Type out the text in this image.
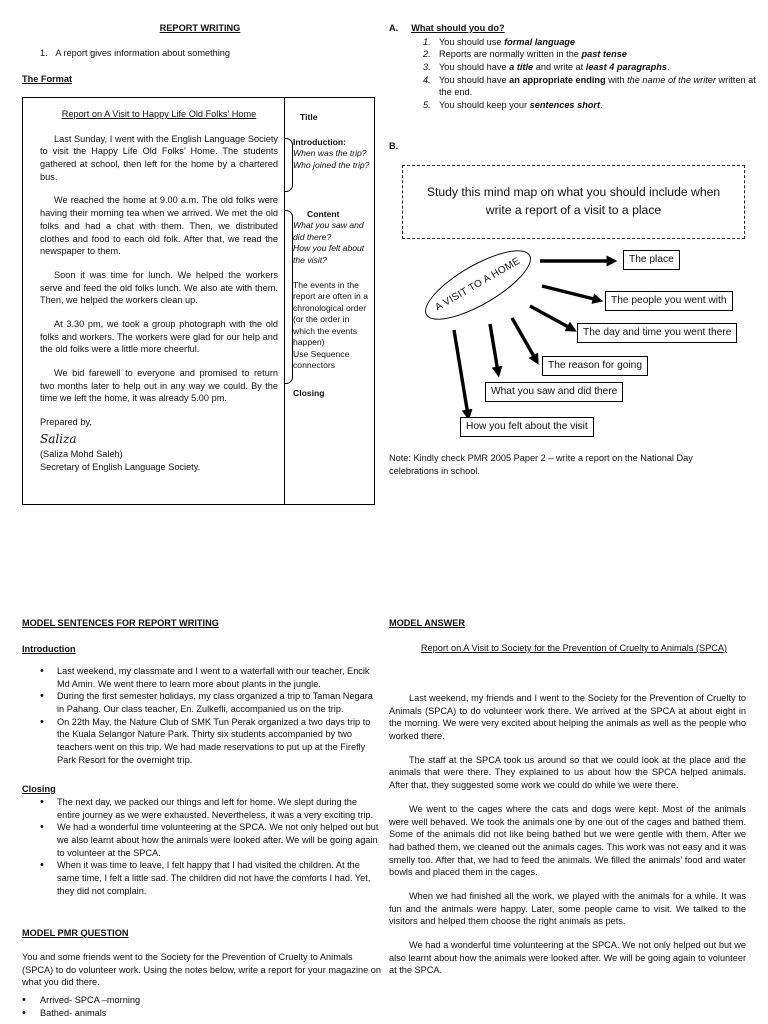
REPORT WRITING
1. A report gives information about something
The Format

Report on A Visit to Happy Life Old Folks’ Home

Last Sunday, I went with the English Language Society to visit the Happy Life Old Folks’ Home. The students gathered at school, then left for the home by a chartered bus.

We reached the home at 9.00 a.m. The old folks were having their morning tea when we arrived. We met the old folks and had a chat with them. Then, we distributed clothes and food to each old folk. After that, we read the newspaper to them.

Soon it was time for lunch. We helped the workers serve and feed the old folks lunch. We also ate with them. Then, we helped the workers clean up.

At 3.30 pm, we took a group photograph with the old folks and workers. The workers were glad for our help and the old folks were a little more cheerful.

We bid farewell to everyone and promised to return two months later to help out in any way we could. By the time we left the home, it was already 5.00 pm.

Prepared by,

Saliza

(Saliza Mohd Saleh)

Secretary of English Language Society.

Title
Introduction:
When was the trip?
Who joined the trip?
Content
What you saw and did there?
How you felt about the visit?
The events in the report are often in a chronological order (or the order in which the events happen)
Use Sequence connectors
Closing
A. What should you do?
1. You should use formal language
2. Reports are normally written in the past tense
3. You should have a title and write at least 4 paragraphs.
4. You should have an appropriate ending with the name of the writer written at the end.
5. You should keep your sentences short.
B.
Study this mind map on what you should include when write a report of a visit to a place
A VISIT TO A HOME	The place
The people you went with
The day and time you went there
The reason for going
What you saw and did there
How you felt about the visit
Note: Kindly check PMR 2005 Paper 2 – write a report on the National Day celebrations in school.
MODEL SENTENCES FOR REPORT WRITING
Introduction
• Last weekend, my classmate and I went to a waterfall with our teacher, Encik Md Amin. We went there to learn more about plants in the jungle.
• During the first semester holidays, my class organized a trip to Taman Negara in Pahang. Our class teacher, En. Zulkefli, accompanied us on the trip.
• On 22th May, the Nature Club of SMK Tun Perak organized a two days trip to the Kuala Selangor Nature Park. Thirty six students accompanied by two teachers went on this trip. We had made reservations to put up at the Firefly Park Resort for the overnight trip.
Closing
• The next day, we packed our things and left for home. We slept during the entire journey as we were exhausted. Nevertheless, it was a very exciting trip.
• We had a wonderful time volunteering at the SPCA. We not only helped out but we also learnt about how the animals were looked after. We will be going again to volunteer at the SPCA.
• When it was time to leave, I felt happy that I had visited the children. At the same time, I felt a little sad. The children did not have the comforts I had. Yet, they did not complain.
MODEL PMR QUESTION
You and some friends went to the Society for the Prevention of Cruelty to Animals (SPCA) to do volunteer work. Using the notes below, write a report for your magazine on what you did there.
• Arrived- SPCA –morning
• Bathed- animals
MODEL ANSWER
Report on A Visit to Society for the Prevention of Cruelty to Animals (SPCA)

Last weekend, my friends and I went to the Society for the Prevention of Cruelty to Animals (SPCA) to do volunteer work there. We arrived at the SPCA at about eight in the morning. We were very excited about helping the animals as well as the people who worked there.

The staff at the SPCA took us around so that we could look at the place and the animals that were there. They explained to us about how the SPCA helped animals. After that, they suggested some work we could do while we were there.

We went to the cages where the cats and dogs were kept. Most of the animals were well behaved. We took the animals one by one out of the cages and bathed them. Some of the animals did not like being bathed but we were gentle with them. After we had bathed them, we cleaned out the animals cages. This work was not easy and it was smelly too. After that, we had to feed the animals. We filled the animals’ food and water bowls and placed them in the cages.

When we had finished all the work, we played with the animals for a while. It was fun and the animals were happy. Later, some people came to visit. We talked to the visitors and helped them choose the right animals as pets.

We had a wonderful time volunteering at the SPCA. We not only helped out but we also learnt about how the animals were looked after. We will be going again to volunteer at the SPCA.
